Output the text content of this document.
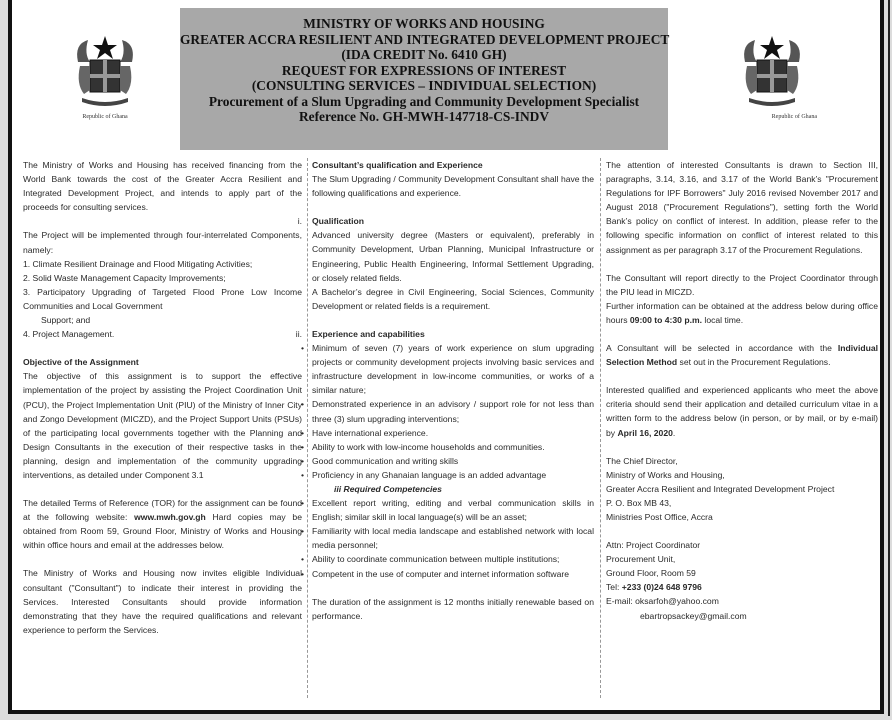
Republic of Ghana
MINISTRY OF WORKS AND HOUSING
GREATER ACCRA RESILIENT AND INTEGRATED DEVELOPMENT PROJECT
(IDA CREDIT No. 6410 GH)
REQUEST FOR EXPRESSIONS OF INTEREST
(CONSULTING SERVICES – INDIVIDUAL SELECTION)
Procurement of a Slum Upgrading and Community Development Specialist
Reference No. GH-MWH-147718-CS-INDV	Republic of Ghana

The Ministry of Works and Housing has received financing from the World Bank towards the cost of the Greater Accra Resilient and Integrated Development Project, and intends to apply part of the proceeds for consulting services.

i.

The Project will be implemented through four-interrelated Components, namely:

1. Climate Resilient Drainage and Flood Mitigating Activities;

2. Solid Waste Management Capacity Improvements;

3. Participatory Upgrading of Targeted Flood Prone Low Income Communities and Local Government

Support; and

4. Project Management.	ii.

Objective of the Assignment

The objective of this assignment is to support the effective implementation of the project by assisting the Project Coordination Unit (PCU), the Project Implementation Unit (PIU) of the Ministry of Inner City and Zongo Development (MICZD), and the Project Support Units (PSUs) of the participating local governments together with the Planning and Design Consultants in the execution of their respective tasks in the planning, design and implementation of the community upgrading interventions, as detailed under Component 3.1

The detailed Terms of Reference (TOR) for the assignment can be found at the following website: www.mwh.gov.gh Hard copies may be obtained from Room 59, Ground Floor, Ministry of Works and Housing within office hours and email at the addresses below.

The Ministry of Works and Housing now invites eligible Individual consultant ("Consultant") to indicate their interest in providing the Services. Interested Consultants should provide information demonstrating that they have the required qualifications and relevant experience to perform the Services.

Consultant’s qualification and Experience

The Slum Upgrading / Community Development Consultant shall have the following qualifications and experience.

Qualification

Advanced university degree (Masters or equivalent), preferably in Community Development, Urban Planning, Municipal Infrastructure or Engineering, Public Health Engineering, Informal Settlement Upgrading, or closely related fields.

A Bachelor’s degree in Civil Engineering, Social Sciences, Community Development or related fields is a requirement.

Experience and capabilities

• Minimum of seven (7) years of work experience on slum upgrading projects or community development projects involving basic services and infrastructure development in low-income communities, or works of a similar nature;
• Demonstrated experience in an advisory / support role for not less than three (3) slum upgrading interventions;
• Have international experience.
• Ability to work with low-income households and communities.
• Good communication and writing skills
• Proficiency in any Ghanaian language is an added advantage

iii Required Competencies

• Excellent report writing, editing and verbal communication skills in English; similar skill in local language(s) will be an asset;
• Familiarity with local media landscape and established network with local media personnel;
• Ability to coordinate communication between multiple institutions;
• Competent in the use of computer and internet information software

The duration of the assignment is 12 months initially renewable based on performance.

The attention of interested Consultants is drawn to Section III, paragraphs, 3.14, 3.16, and 3.17 of the World Bank’s "Procurement Regulations for IPF Borrowers" July 2016 revised November 2017 and August 2018 ("Procurement Regulations"), setting forth the World Bank’s policy on conflict of interest. In addition, please refer to the following specific information on conflict of interest related to this assignment as per paragraph 3.17 of the Procurement Regulations.

The Consultant will report directly to the Project Coordinator through the PIU lead in MICZD.

Further information can be obtained at the address below during office hours 09:00 to 4:30 p.m. local time.

A Consultant will be selected in accordance with the Individual Selection Method set out in the Procurement Regulations.

Interested qualified and experienced applicants who meet the above criteria should send their application and detailed curriculum vitae in a written form to the address below (in person, or by mail, or by e-mail) by April 16, 2020.

The Chief Director,

Ministry of Works and Housing,

Greater Accra Resilient and Integrated Development Project

P. O. Box MB 43,

Ministries Post Office, Accra

Attn: Project Coordinator

Procurement Unit,

Ground Floor, Room 59

Tel: +233 (0)24 648 9796

E-mail: oksarfoh@yahoo.com

ebartropsackey@gmail.com
